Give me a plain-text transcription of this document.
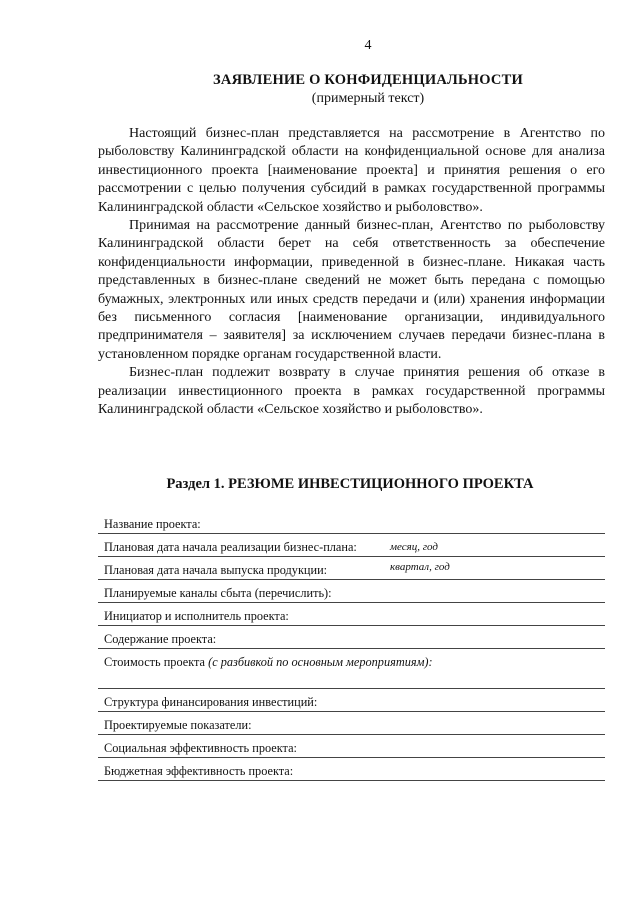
4
ЗАЯВЛЕНИЕ О КОНФИДЕНЦИАЛЬНОСТИ
(примерный текст)

Настоящий бизнес-план представляется на рассмотрение в Агентство по рыболовству Калининградской области на конфиденциальной основе для анализа инвестиционного проекта [наименование проекта] и принятия решения о его рассмотрении с целью получения субсидий в рамках государственной программы Калининградской области «Сельское хозяйство и рыболовство».

Принимая на рассмотрение данный бизнес-план, Агентство по рыболовству Калининградской области берет на себя ответственность за обеспечение конфиденциальности информации, приведенной в бизнес-плане. Никакая часть представленных в бизнес-плане сведений не может быть передана с помощью бумажных, электронных или иных средств передачи и (или) хранения информации без письменного согласия [наименование организации, индивидуального предпринимателя – заявителя] за исключением случаев передачи бизнес-плана в установленном порядке органам государственной власти.

Бизнес-план подлежит возврату в случае принятия решения об отказе в реализации инвестиционного проекта в рамках государственной программы Калининградской области «Сельское хозяйство и рыболовство».

Раздел 1. РЕЗЮМЕ ИНВЕСТИЦИОННОГО ПРОЕКТА
Название проекта:
Плановая дата начала реализации бизнес-плана:	месяц, год
Плановая дата начала выпуска продукции:	квартал, год
Планируемые каналы сбыта (перечислить):
Инициатор и исполнитель проекта:
Содержание проекта:
Стоимость проекта (с разбивкой по основным мероприятиям):
Структура финансирования инвестиций:
Проектируемые показатели:
Социальная эффективность проекта:
Бюджетная эффективность проекта:
